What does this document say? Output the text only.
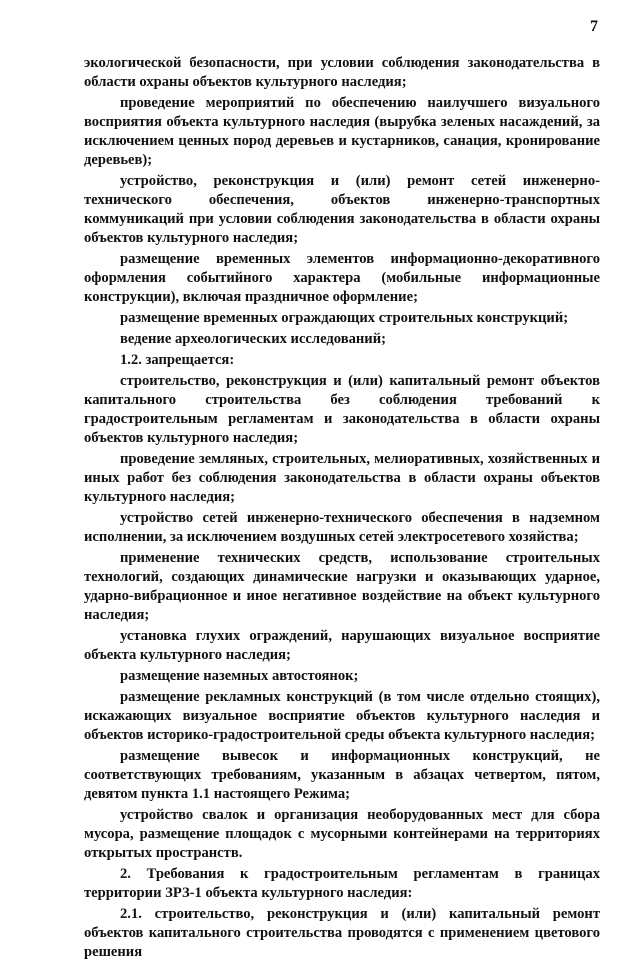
7

экологической безопасности, при условии соблюдения законодательства в области охраны объектов культурного наследия;

проведение мероприятий по обеспечению наилучшего визуального восприятия объекта культурного наследия (вырубка зеленых насаждений, за исключением ценных пород деревьев и кустарников, санация, кронирование деревьев);

устройство, реконструкция и (или) ремонт сетей инженерно-технического обеспечения, объектов инженерно-транспортных коммуникаций при условии соблюдения законодательства в области охраны объектов культурного наследия;

размещение временных элементов информационно-декоративного оформления событийного характера (мобильные информационные конструкции), включая праздничное оформление;

размещение временных ограждающих строительных конструкций;

ведение археологических исследований;

1.2. запрещается:

строительство, реконструкция и (или) капитальный ремонт объектов капитального строительства без соблюдения требований к градостроительным регламентам и законодательства в области охраны объектов культурного наследия;

проведение земляных, строительных, мелиоративных, хозяйственных и иных работ без соблюдения законодательства в области охраны объектов культурного наследия;

устройство сетей инженерно-технического обеспечения в надземном исполнении, за исключением воздушных сетей электросетевого хозяйства;

применение технических средств, использование строительных технологий, создающих динамические нагрузки и оказывающих ударное, ударно-вибрационное и иное негативное воздействие на объект культурного наследия;

установка глухих ограждений, нарушающих визуальное восприятие объекта культурного наследия;

размещение наземных автостоянок;

размещение рекламных конструкций (в том числе отдельно стоящих), искажающих визуальное восприятие объектов культурного наследия и объектов историко-градостроительной среды объекта культурного наследия;

размещение вывесок и информационных конструкций, не соответствующих требованиям, указанным в абзацах четвертом, пятом, девятом пункта 1.1 настоящего Режима;

устройство свалок и организация необорудованных мест для сбора мусора, размещение площадок с мусорными контейнерами на территориях открытых пространств.

2. Требования к градостроительным регламентам в границах территории ЗРЗ-1 объекта культурного наследия:

2.1. строительство, реконструкция и (или) капитальный ремонт объектов капитального строительства проводятся с применением цветового решения
